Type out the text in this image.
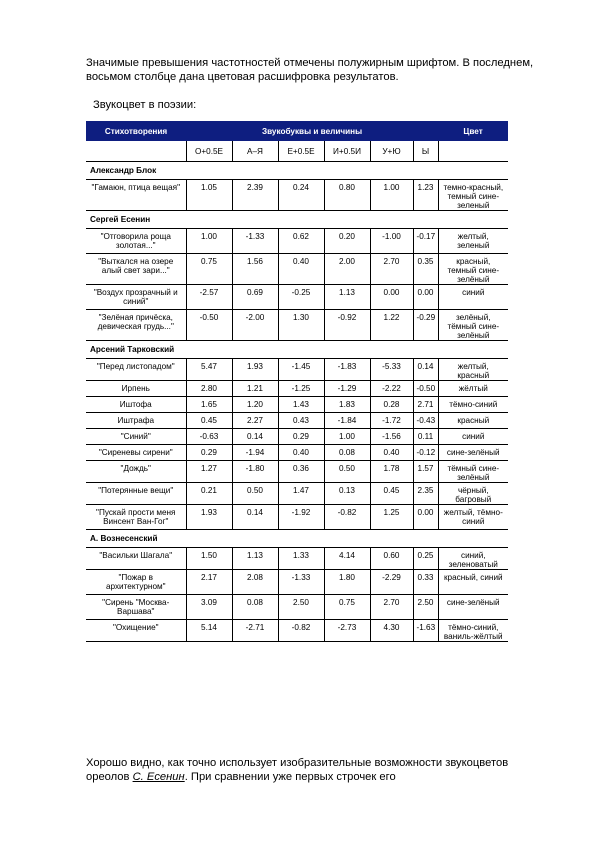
Значимые превышения частотностей отмечены полужирным шрифтом. В последнем, восьмом столбце дана цветовая расшифровка результатов.
Звукоцвет в поэзии:
Стихотворения	Звукобуквы и величины						Цвет
	О+0.5Е	А–Я	Е+0.5Е	И+0.5И	У+Ю	Ы	
Александр Блок							
"Гамаюн, птица вещая"	1.05	2.39	0.24	0.80	1.00	1.23	темно-красный, темный сине-зеленый
Сергей Есенин							
"Отговорила роща золотая..."	1.00	-1.33	0.62	0.20	-1.00	-0.17	желтый, зеленый
"Выткался на озере алый свет зари..."	0.75	1.56	0.40	2.00	2.70	0.35	красный, темный сине-зелёный
"Воздух прозрачный и синий"	-2.57	0.69	-0.25	1.13	0.00	0.00	синий
"Зелёная причёска, девическая грудь..."	-0.50	-2.00	1.30	-0.92	1.22	-0.29	зелёный, тёмный сине-зелёный
Арсений Тарковский							
"Перед листопадом"	5.47	1.93	-1.45	-1.83	-5.33	0.14	желтый, красный
Ирпень	2.80	1.21	-1.25	-1.29	-2.22	-0.50	жёлтый
Иштофа	1.65	1.20	1.43	1.83	0.28	2.71	тёмно-синий
Иштрафа	0.45	2.27	0.43	-1.84	-1.72	-0.43	красный
"Синий"	-0.63	0.14	0.29	1.00	-1.56	0.11	синий
"Сиреневы сирени"	0.29	-1.94	0.40	0.08	0.40	-0.12	сине-зелёный
"Дождь"	1.27	-1.80	0.36	0.50	1.78	1.57	тёмный сине-зелёный
"Потерянные вещи"	0.21	0.50	1.47	0.13	0.45	2.35	чёрный, багровый
"Пускай прости меня Винсент Ван-Гог"	1.93	0.14	-1.92	-0.82	1.25	0.00	желтый, тёмно-синий
А. Вознесенский							
"Васильки Шагала"	1.50	1.13	1.33	4.14	0.60	0.25	синий, зеленоватый
"Пожар в архитектурном"	2.17	2.08	-1.33	1.80	-2.29	0.33	красный, синий
"Сирень "Москва-Варшава"	3.09	0.08	2.50	0.75	2.70	2.50	сине-зелёный
"Охищение"	5.14	-2.71	-0.82	-2.73	4.30	-1.63	тёмно-синий, ваниль-жёлтый
Хорошо видно, как точно использует изобразительные возможности звукоцветов ореолов С. Есенин. При сравнении уже первых строчек его
